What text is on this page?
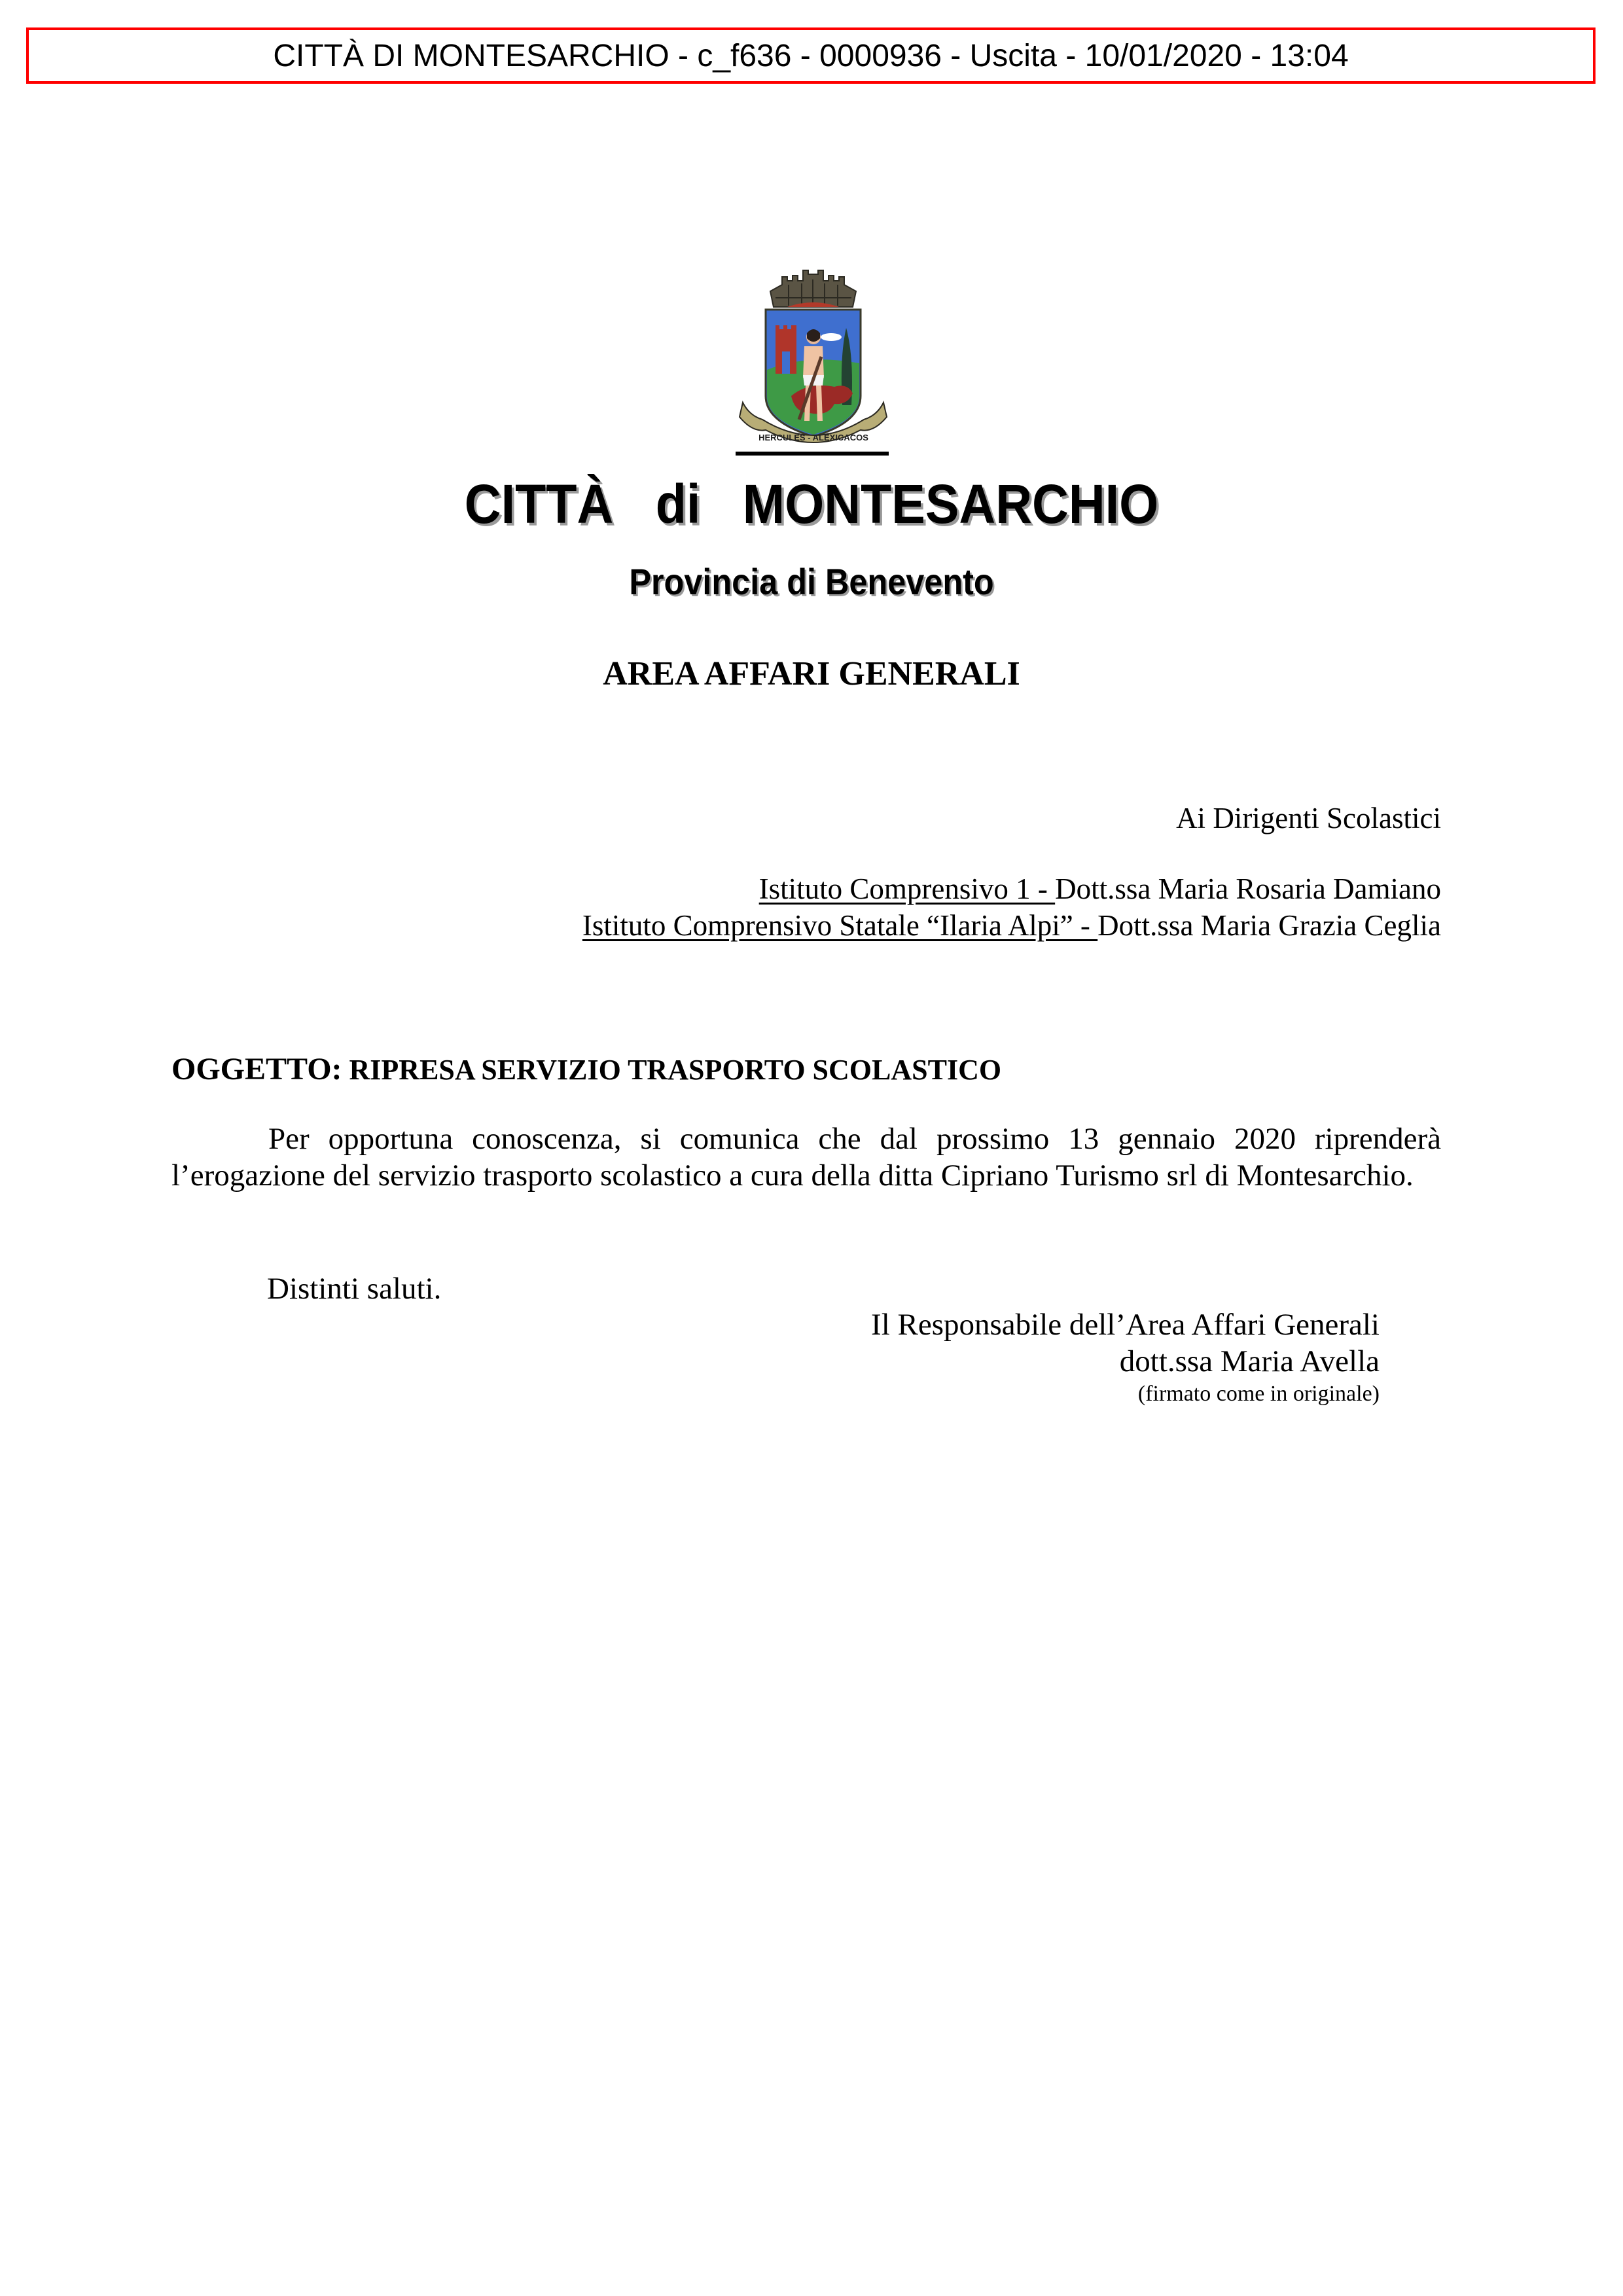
CITTÀ DI MONTESARCHIO - c_f636 - 0000936 - Uscita - 10/01/2020 - 13:04
HERCULES - ALEXICACOS
CITTÀ   di   MONTESARCHIO
Provincia di Benevento
AREA AFFARI GENERALI
Ai Dirigenti Scolastici
Istituto Comprensivo 1 - Dott.ssa Maria Rosaria Damiano
Istituto Comprensivo Statale “Ilaria Alpi” - Dott.ssa Maria Grazia Ceglia
OGGETTO: RIPRESA SERVIZIO TRASPORTO SCOLASTICO

Per opportuna conoscenza, si comunica che dal prossimo 13 gennaio 2020 riprenderà l’erogazione del servizio trasporto scolastico a cura della ditta Cipriano Turismo srl di Montesarchio.

Distinti saluti.
Il Responsabile dell’Area Affari Generali
dott.ssa Maria Avella
(firmato come in originale)
